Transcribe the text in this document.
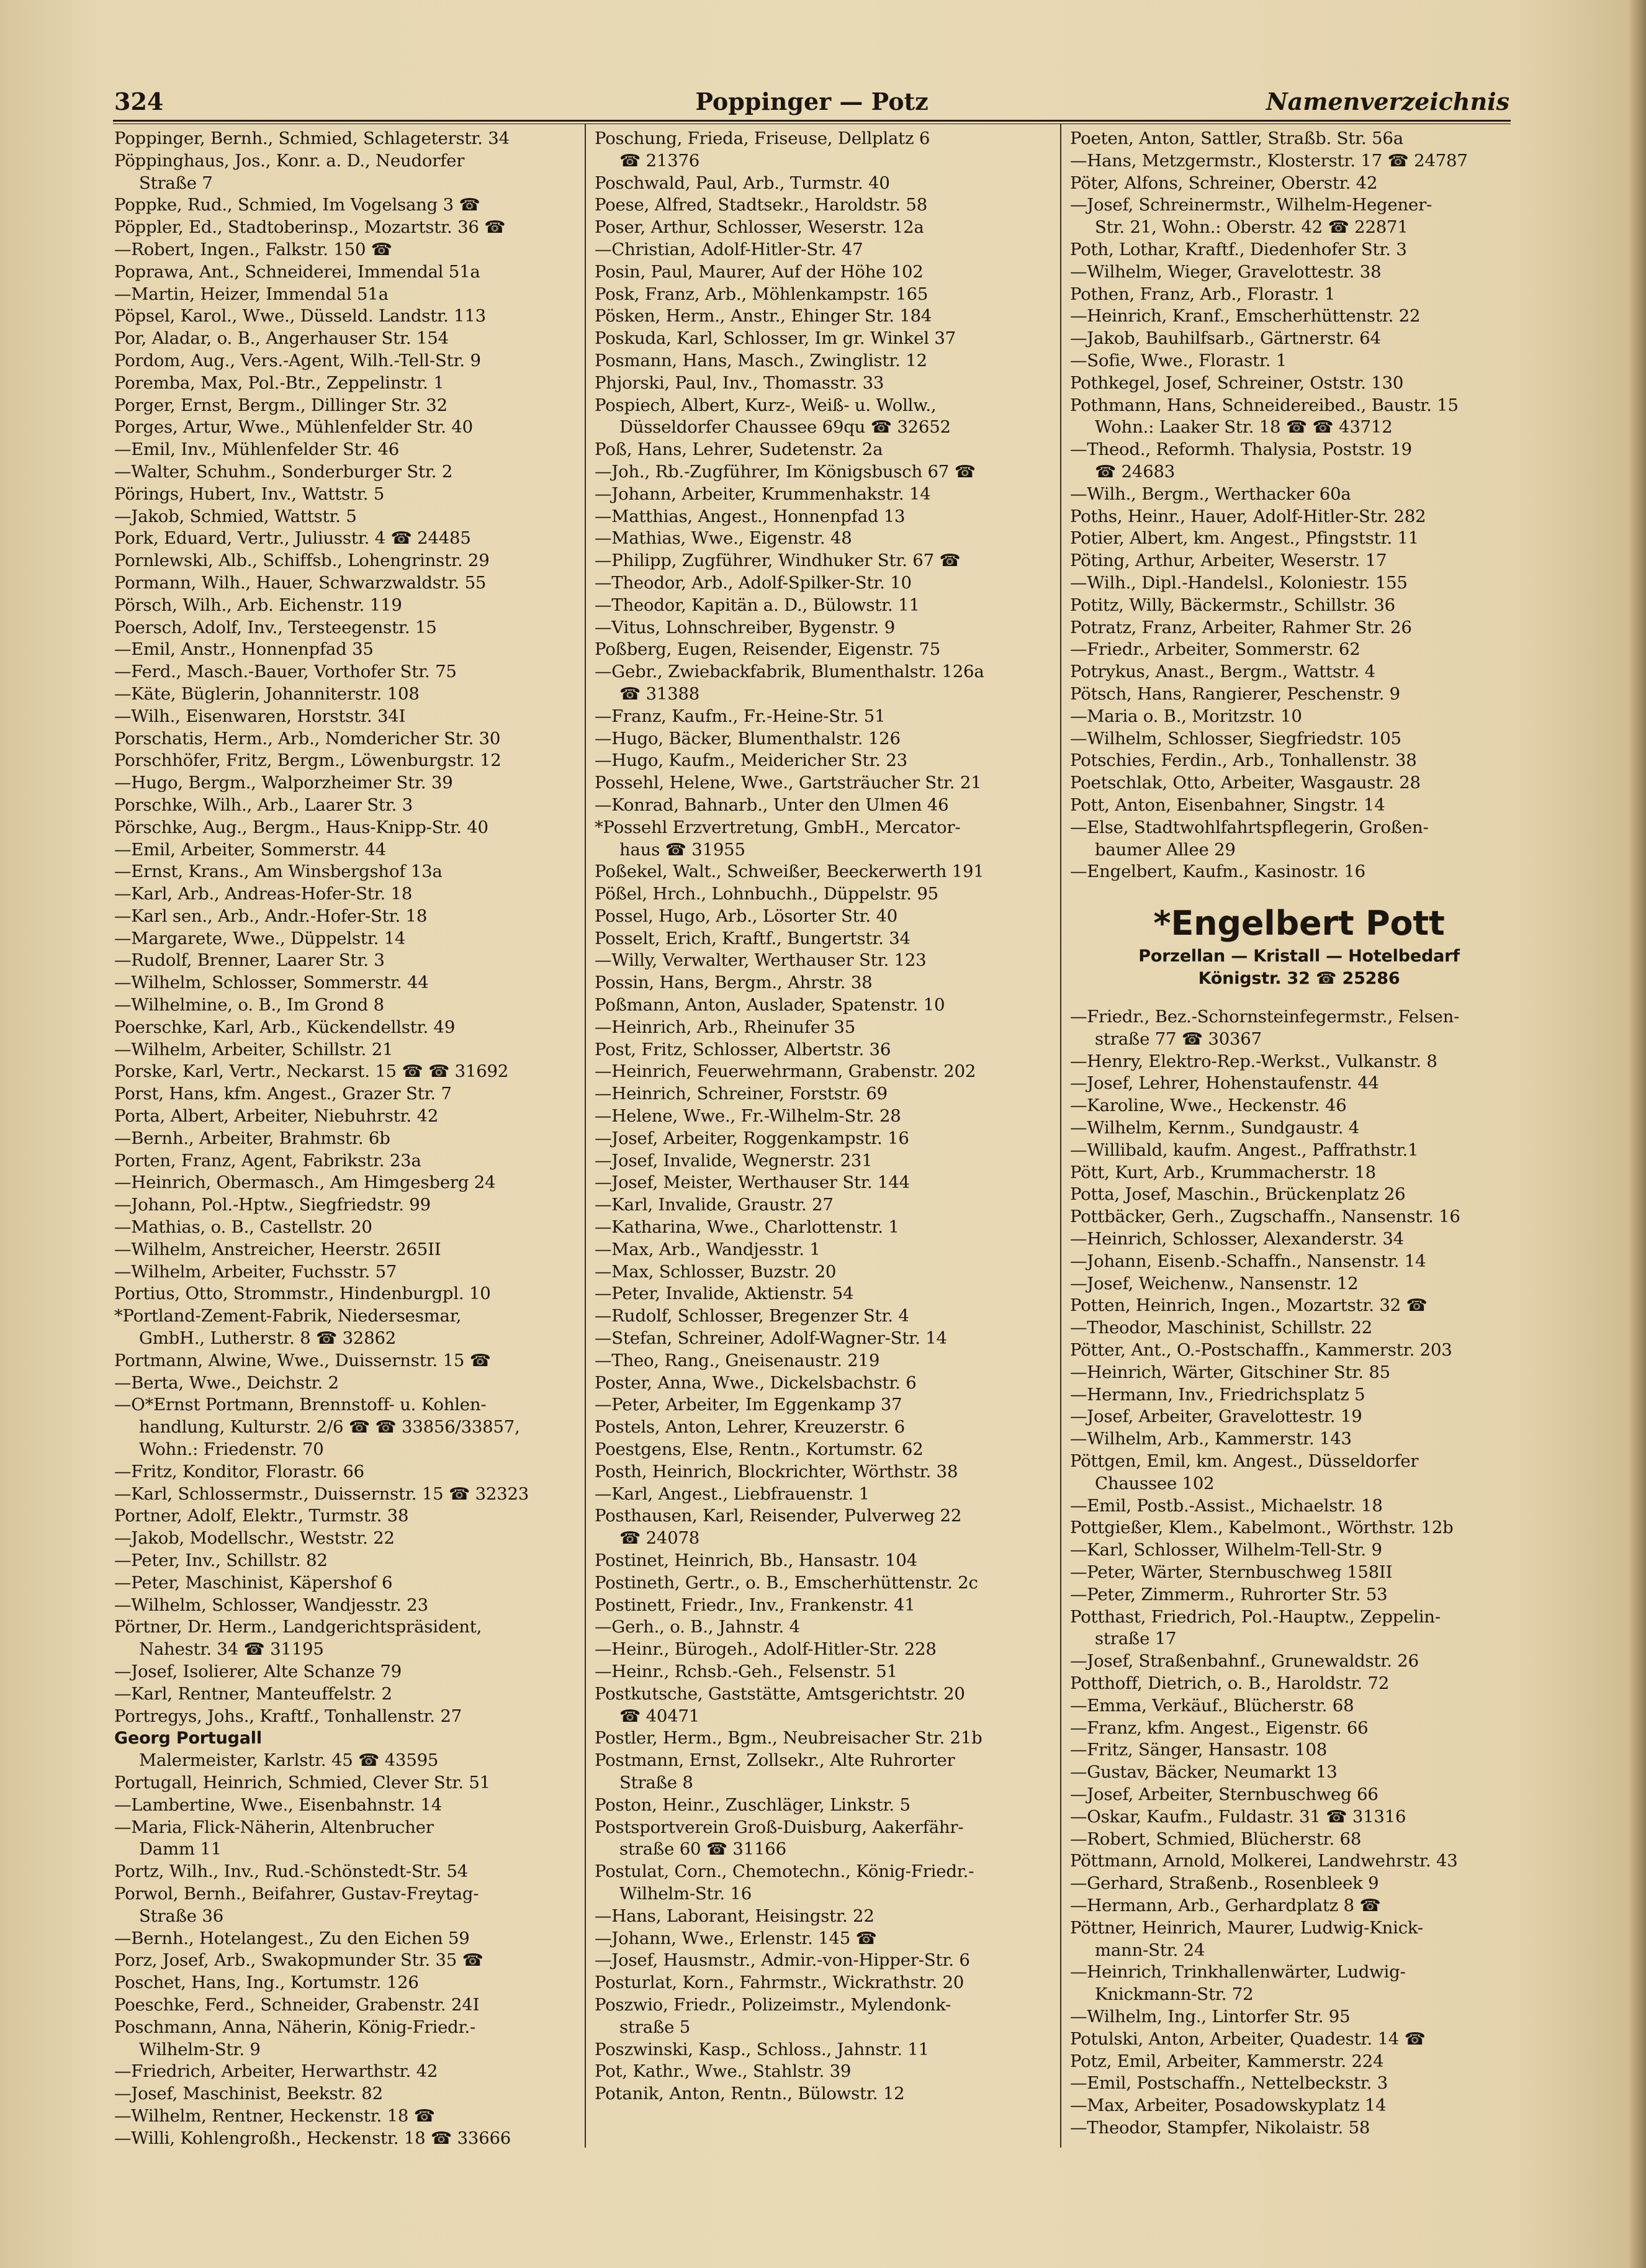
324	Poppinger — Potz	Namenverzeichnis
Poppinger, Bernh., Schmied, Schlageterstr. 34
Pöppinghaus, Jos., Konr. a. D., Neudorfer
Straße 7
Poppke, Rud., Schmied, Im Vogelsang 3 ☎
Pöppler, Ed., Stadtoberinsp., Mozartstr. 36 ☎
—Robert, Ingen., Falkstr. 150 ☎
Poprawa, Ant., Schneiderei, Immendal 51a
—Martin, Heizer, Immendal 51a
Pöpsel, Karol., Wwe., Düsseld. Landstr. 113
Por, Aladar, o. B., Angerhauser Str. 154
Pordom, Aug., Vers.-Agent, Wilh.-Tell-Str. 9
Poremba, Max, Pol.-Btr., Zeppelinstr. 1
Porger, Ernst, Bergm., Dillinger Str. 32
Porges, Artur, Wwe., Mühlenfelder Str. 40
—Emil, Inv., Mühlenfelder Str. 46
—Walter, Schuhm., Sonderburger Str. 2
Pörings, Hubert, Inv., Wattstr. 5
—Jakob, Schmied, Wattstr. 5
Pork, Eduard, Vertr., Juliusstr. 4 ☎ 24485
Pornlewski, Alb., Schiffsb., Lohengrinstr. 29
Pormann, Wilh., Hauer, Schwarzwaldstr. 55
Pörsch, Wilh., Arb. Eichenstr. 119
Poersch, Adolf, Inv., Tersteegenstr. 15
—Emil, Anstr., Honnenpfad 35
—Ferd., Masch.-Bauer, Vorthofer Str. 75
—Käte, Büglerin, Johanniterstr. 108
—Wilh., Eisenwaren, Horststr. 34I
Porschatis, Herm., Arb., Nomdericher Str. 30
Porschhöfer, Fritz, Bergm., Löwenburgstr. 12
—Hugo, Bergm., Walporzheimer Str. 39
Porschke, Wilh., Arb., Laarer Str. 3
Pörschke, Aug., Bergm., Haus-Knipp-Str. 40
—Emil, Arbeiter, Sommerstr. 44
—Ernst, Krans., Am Winsbergshof 13a
—Karl, Arb., Andreas-Hofer-Str. 18
—Karl sen., Arb., Andr.-Hofer-Str. 18
—Margarete, Wwe., Düppelstr. 14
—Rudolf, Brenner, Laarer Str. 3
—Wilhelm, Schlosser, Sommerstr. 44
—Wilhelmine, o. B., Im Grond 8
Poerschke, Karl, Arb., Kückendellstr. 49
—Wilhelm, Arbeiter, Schillstr. 21
Porske, Karl, Vertr., Neckarst. 15 ☎ ☎ 31692
Porst, Hans, kfm. Angest., Grazer Str. 7
Porta, Albert, Arbeiter, Niebuhrstr. 42
—Bernh., Arbeiter, Brahmstr. 6b
Porten, Franz, Agent, Fabrikstr. 23a
—Heinrich, Obermasch., Am Himgesberg 24
—Johann, Pol.-Hptw., Siegfriedstr. 99
—Mathias, o. B., Castellstr. 20
—Wilhelm, Anstreicher, Heerstr. 265II
—Wilhelm, Arbeiter, Fuchsstr. 57
Portius, Otto, Strommstr., Hindenburgpl. 10
*Portland-Zement-Fabrik, Niedersesmar,
GmbH., Lutherstr. 8 ☎ 32862
Portmann, Alwine, Wwe., Duissernstr. 15 ☎
—Berta, Wwe., Deichstr. 2
—O*Ernst Portmann, Brennstoff- u. Kohlen-
handlung, Kulturstr. 2/6 ☎ ☎ 33856/33857,
Wohn.: Friedenstr. 70
—Fritz, Konditor, Florastr. 66
—Karl, Schlossermstr., Duissernstr. 15 ☎ 32323
Portner, Adolf, Elektr., Turmstr. 38
—Jakob, Modellschr., Weststr. 22
—Peter, Inv., Schillstr. 82
—Peter, Maschinist, Käpershof 6
—Wilhelm, Schlosser, Wandjesstr. 23
Pörtner, Dr. Herm., Landgerichtspräsident,
Nahestr. 34 ☎ 31195
—Josef, Isolierer, Alte Schanze 79
—Karl, Rentner, Manteuffelstr. 2
Portregys, Johs., Kraftf., Tonhallenstr. 27
Georg Portugall
Malermeister, Karlstr. 45 ☎ 43595
Portugall, Heinrich, Schmied, Clever Str. 51
—Lambertine, Wwe., Eisenbahnstr. 14
—Maria, Flick-Näherin, Altenbrucher
Damm 11
Portz, Wilh., Inv., Rud.-Schönstedt-Str. 54
Porwol, Bernh., Beifahrer, Gustav-Freytag-
Straße 36
—Bernh., Hotelangest., Zu den Eichen 59
Porz, Josef, Arb., Swakopmunder Str. 35 ☎
Poschet, Hans, Ing., Kortumstr. 126
Poeschke, Ferd., Schneider, Grabenstr. 24I
Poschmann, Anna, Näherin, König-Friedr.-
Wilhelm-Str. 9
—Friedrich, Arbeiter, Herwarthstr. 42
—Josef, Maschinist, Beekstr. 82
—Wilhelm, Rentner, Heckenstr. 18 ☎
—Willi, Kohlengroßh., Heckenstr. 18 ☎ 33666
Poschung, Frieda, Friseuse, Dellplatz 6
☎ 21376
Poschwald, Paul, Arb., Turmstr. 40
Poese, Alfred, Stadtsekr., Haroldstr. 58
Poser, Arthur, Schlosser, Weserstr. 12a
—Christian, Adolf-Hitler-Str. 47
Posin, Paul, Maurer, Auf der Höhe 102
Posk, Franz, Arb., Möhlenkampstr. 165
Pösken, Herm., Anstr., Ehinger Str. 184
Poskuda, Karl, Schlosser, Im gr. Winkel 37
Posmann, Hans, Masch., Zwinglistr. 12
Phjorski, Paul, Inv., Thomasstr. 33
Pospiech, Albert, Kurz-, Weiß- u. Wollw.,
Düsseldorfer Chaussee 69qu ☎ 32652
Poß, Hans, Lehrer, Sudetenstr. 2a
—Joh., Rb.-Zugführer, Im Königsbusch 67 ☎
—Johann, Arbeiter, Krummenhakstr. 14
—Matthias, Angest., Honnenpfad 13
—Mathias, Wwe., Eigenstr. 48
—Philipp, Zugführer, Windhuker Str. 67 ☎
—Theodor, Arb., Adolf-Spilker-Str. 10
—Theodor, Kapitän a. D., Bülowstr. 11
—Vitus, Lohnschreiber, Bygenstr. 9
Poßberg, Eugen, Reisender, Eigenstr. 75
—Gebr., Zwiebackfabrik, Blumenthalstr. 126a
☎ 31388
—Franz, Kaufm., Fr.-Heine-Str. 51
—Hugo, Bäcker, Blumenthalstr. 126
—Hugo, Kaufm., Meidericher Str. 23
Possehl, Helene, Wwe., Gartsträucher Str. 21
—Konrad, Bahnarb., Unter den Ulmen 46
*Possehl Erzvertretung, GmbH., Mercator-
haus ☎ 31955
Poßekel, Walt., Schweißer, Beeckerwerth 191
Pößel, Hrch., Lohnbuchh., Düppelstr. 95
Possel, Hugo, Arb., Lösorter Str. 40
Posselt, Erich, Kraftf., Bungertstr. 34
—Willy, Verwalter, Werthauser Str. 123
Possin, Hans, Bergm., Ahrstr. 38
Poßmann, Anton, Auslader, Spatenstr. 10
—Heinrich, Arb., Rheinufer 35
Post, Fritz, Schlosser, Albertstr. 36
—Heinrich, Feuerwehrmann, Grabenstr. 202
—Heinrich, Schreiner, Forststr. 69
—Helene, Wwe., Fr.-Wilhelm-Str. 28
—Josef, Arbeiter, Roggenkampstr. 16
—Josef, Invalide, Wegnerstr. 231
—Josef, Meister, Werthauser Str. 144
—Karl, Invalide, Graustr. 27
—Katharina, Wwe., Charlottenstr. 1
—Max, Arb., Wandjesstr. 1
—Max, Schlosser, Buzstr. 20
—Peter, Invalide, Aktienstr. 54
—Rudolf, Schlosser, Bregenzer Str. 4
—Stefan, Schreiner, Adolf-Wagner-Str. 14
—Theo, Rang., Gneisenaustr. 219
Poster, Anna, Wwe., Dickelsbachstr. 6
—Peter, Arbeiter, Im Eggenkamp 37
Postels, Anton, Lehrer, Kreuzerstr. 6
Poestgens, Else, Rentn., Kortumstr. 62
Posth, Heinrich, Blockrichter, Wörthstr. 38
—Karl, Angest., Liebfrauenstr. 1
Posthausen, Karl, Reisender, Pulverweg 22
☎ 24078
Postinet, Heinrich, Bb., Hansastr. 104
Postineth, Gertr., o. B., Emscherhüttenstr. 2c
Postinett, Friedr., Inv., Frankenstr. 41
—Gerh., o. B., Jahnstr. 4
—Heinr., Bürogeh., Adolf-Hitler-Str. 228
—Heinr., Rchsb.-Geh., Felsenstr. 51
Postkutsche, Gaststätte, Amtsgerichtstr. 20
☎ 40471
Postler, Herm., Bgm., Neubreisacher Str. 21b
Postmann, Ernst, Zollsekr., Alte Ruhrorter
Straße 8
Poston, Heinr., Zuschläger, Linkstr. 5
Postsportverein Groß-Duisburg, Aakerfähr-
straße 60 ☎ 31166
Postulat, Corn., Chemotechn., König-Friedr.-
Wilhelm-Str. 16
—Hans, Laborant, Heisingstr. 22
—Johann, Wwe., Erlenstr. 145 ☎
—Josef, Hausmstr., Admir.-von-Hipper-Str. 6
Posturlat, Korn., Fahrmstr., Wickrathstr. 20
Poszwio, Friedr., Polizeimstr., Mylendonk-
straße 5
Poszwinski, Kasp., Schloss., Jahnstr. 11
Pot, Kathr., Wwe., Stahlstr. 39
Potanik, Anton, Rentn., Bülowstr. 12
Poeten, Anton, Sattler, Straßb. Str. 56a
—Hans, Metzgermstr., Klosterstr. 17 ☎ 24787
Pöter, Alfons, Schreiner, Oberstr. 42
—Josef, Schreinermstr., Wilhelm-Hegener-
Str. 21, Wohn.: Oberstr. 42 ☎ 22871
Poth, Lothar, Kraftf., Diedenhofer Str. 3
—Wilhelm, Wieger, Gravelottestr. 38
Pothen, Franz, Arb., Florastr. 1
—Heinrich, Kranf., Emscherhüttenstr. 22
—Jakob, Bauhilfsarb., Gärtnerstr. 64
—Sofie, Wwe., Florastr. 1
Pothkegel, Josef, Schreiner, Oststr. 130
Pothmann, Hans, Schneidereibed., Baustr. 15
Wohn.: Laaker Str. 18 ☎ ☎ 43712
—Theod., Reformh. Thalysia, Poststr. 19
☎ 24683
—Wilh., Bergm., Werthacker 60a
Poths, Heinr., Hauer, Adolf-Hitler-Str. 282
Potier, Albert, km. Angest., Pfingststr. 11
Pöting, Arthur, Arbeiter, Weserstr. 17
—Wilh., Dipl.-Handelsl., Koloniestr. 155
Potitz, Willy, Bäckermstr., Schillstr. 36
Potratz, Franz, Arbeiter, Rahmer Str. 26
—Friedr., Arbeiter, Sommerstr. 62
Potrykus, Anast., Bergm., Wattstr. 4
Pötsch, Hans, Rangierer, Peschenstr. 9
—Maria o. B., Moritzstr. 10
—Wilhelm, Schlosser, Siegfriedstr. 105
Potschies, Ferdin., Arb., Tonhallenstr. 38
Poetschlak, Otto, Arbeiter, Wasgaustr. 28
Pott, Anton, Eisenbahner, Singstr. 14
—Else, Stadtwohlfahrtspflegerin, Großen-
baumer Allee 29
—Engelbert, Kaufm., Kasinostr. 16
*Engelbert Pott
Porzellan — Kristall — Hotelbedarf
Königstr. 32 ☎ 25286
—Friedr., Bez.-Schornsteinfegermstr., Felsen-
straße 77 ☎ 30367
—Henry, Elektro-Rep.-Werkst., Vulkanstr. 8
—Josef, Lehrer, Hohenstaufenstr. 44
—Karoline, Wwe., Heckenstr. 46
—Wilhelm, Kernm., Sundgaustr. 4
—Willibald, kaufm. Angest., Paffrathstr.1
Pött, Kurt, Arb., Krummacherstr. 18
Potta, Josef, Maschin., Brückenplatz 26
Pottbäcker, Gerh., Zugschaffn., Nansenstr. 16
—Heinrich, Schlosser, Alexanderstr. 34
—Johann, Eisenb.-Schaffn., Nansenstr. 14
—Josef, Weichenw., Nansenstr. 12
Potten, Heinrich, Ingen., Mozartstr. 32 ☎
—Theodor, Maschinist, Schillstr. 22
Pötter, Ant., O.-Postschaffn., Kammerstr. 203
—Heinrich, Wärter, Gitschiner Str. 85
—Hermann, Inv., Friedrichsplatz 5
—Josef, Arbeiter, Gravelottestr. 19
—Wilhelm, Arb., Kammerstr. 143
Pöttgen, Emil, km. Angest., Düsseldorfer
Chaussee 102
—Emil, Postb.-Assist., Michaelstr. 18
Pottgießer, Klem., Kabelmont., Wörthstr. 12b
—Karl, Schlosser, Wilhelm-Tell-Str. 9
—Peter, Wärter, Sternbuschweg 158II
—Peter, Zimmerm., Ruhrorter Str. 53
Potthast, Friedrich, Pol.-Hauptw., Zeppelin-
straße 17
—Josef, Straßenbahnf., Grunewaldstr. 26
Potthoff, Dietrich, o. B., Haroldstr. 72
—Emma, Verkäuf., Blücherstr. 68
—Franz, kfm. Angest., Eigenstr. 66
—Fritz, Sänger, Hansastr. 108
—Gustav, Bäcker, Neumarkt 13
—Josef, Arbeiter, Sternbuschweg 66
—Oskar, Kaufm., Fuldastr. 31 ☎ 31316
—Robert, Schmied, Blücherstr. 68
Pöttmann, Arnold, Molkerei, Landwehrstr. 43
—Gerhard, Straßenb., Rosenbleek 9
—Hermann, Arb., Gerhardplatz 8 ☎
Pöttner, Heinrich, Maurer, Ludwig-Knick-
mann-Str. 24
—Heinrich, Trinkhallenwärter, Ludwig-
Knickmann-Str. 72
—Wilhelm, Ing., Lintorfer Str. 95
Potulski, Anton, Arbeiter, Quadestr. 14 ☎
Potz, Emil, Arbeiter, Kammerstr. 224
—Emil, Postschaffn., Nettelbeckstr. 3
—Max, Arbeiter, Posadowskyplatz 14
—Theodor, Stampfer, Nikolaistr. 58
